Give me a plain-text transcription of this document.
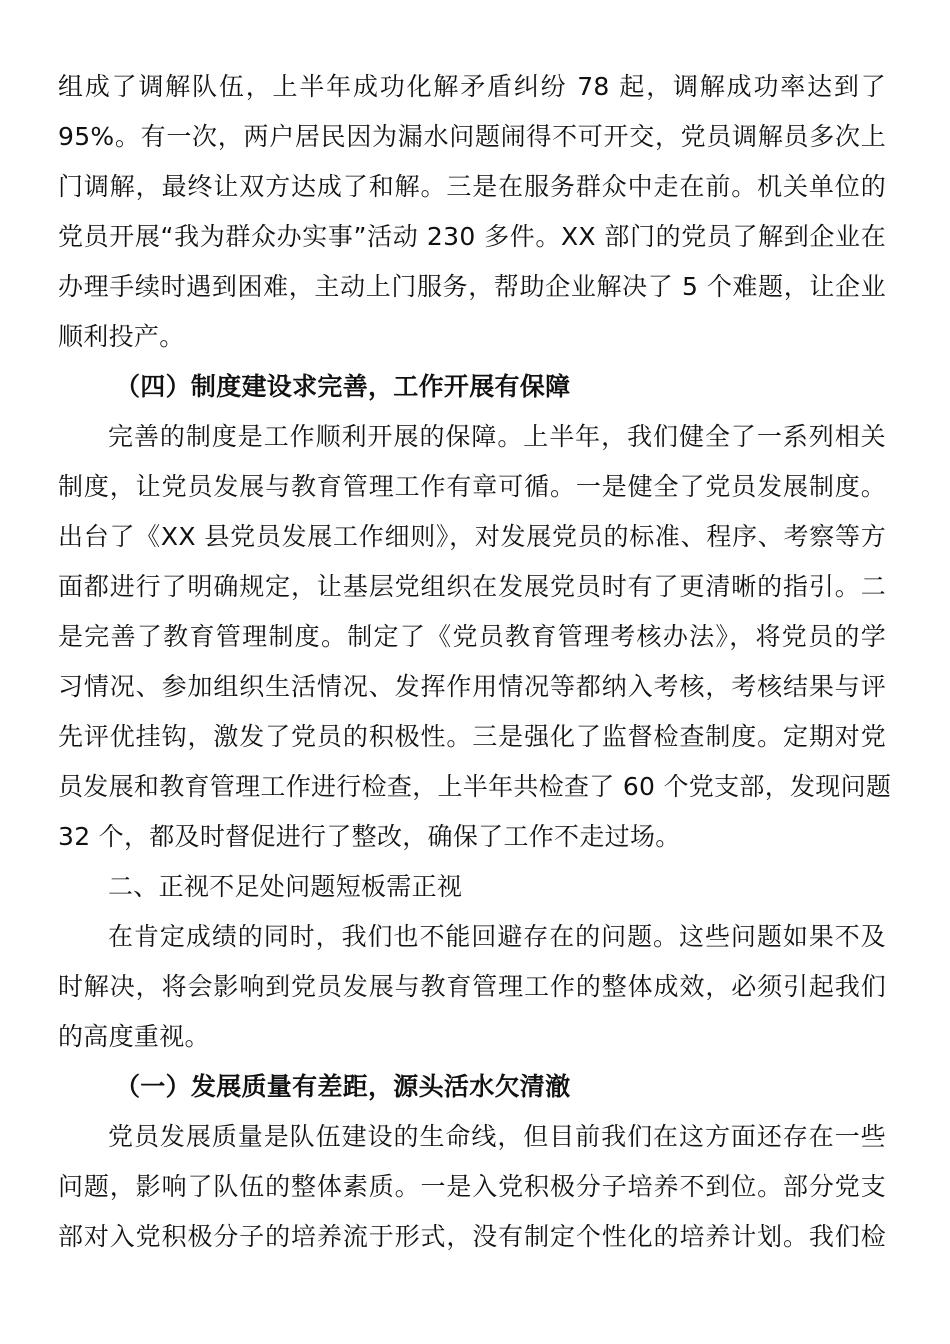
组成了调解队伍，上半年成功化解矛盾纠纷 78 起，调解成功率达到了
95%。有一次，两户居民因为漏水问题闹得不可开交，党员调解员多次上
门调解，最终让双方达成了和解。三是在服务群众中走在前。机关单位的
党员开展“我为群众办实事”活动 230 多件。XX 部门的党员了解到企业在
办理手续时遇到困难，主动上门服务，帮助企业解决了 5 个难题，让企业
顺利投产。
（四）制度建设求完善，工作开展有保障
完善的制度是工作顺利开展的保障。上半年，我们健全了一系列相关
制度，让党员发展与教育管理工作有章可循。一是健全了党员发展制度。
出台了《XX 县党员发展工作细则》，对发展党员的标准、程序、考察等方
面都进行了明确规定，让基层党组织在发展党员时有了更清晰的指引。二
是完善了教育管理制度。制定了《党员教育管理考核办法》，将党员的学
习情况、参加组织生活情况、发挥作用情况等都纳入考核，考核结果与评
先评优挂钩，激发了党员的积极性。三是强化了监督检查制度。定期对党
员发展和教育管理工作进行检查，上半年共检查了 60 个党支部，发现问题
32 个，都及时督促进行了整改，确保了工作不走过场。
二、正视不足处问题短板需正视
在肯定成绩的同时，我们也不能回避存在的问题。这些问题如果不及
时解决，将会影响到党员发展与教育管理工作的整体成效，必须引起我们
的高度重视。
（一）发展质量有差距，源头活水欠清澈
党员发展质量是队伍建设的生命线，但目前我们在这方面还存在一些
问题，影响了队伍的整体素质。一是入党积极分子培养不到位。部分党支
部对入党积极分子的培养流于形式，没有制定个性化的培养计划。我们检
